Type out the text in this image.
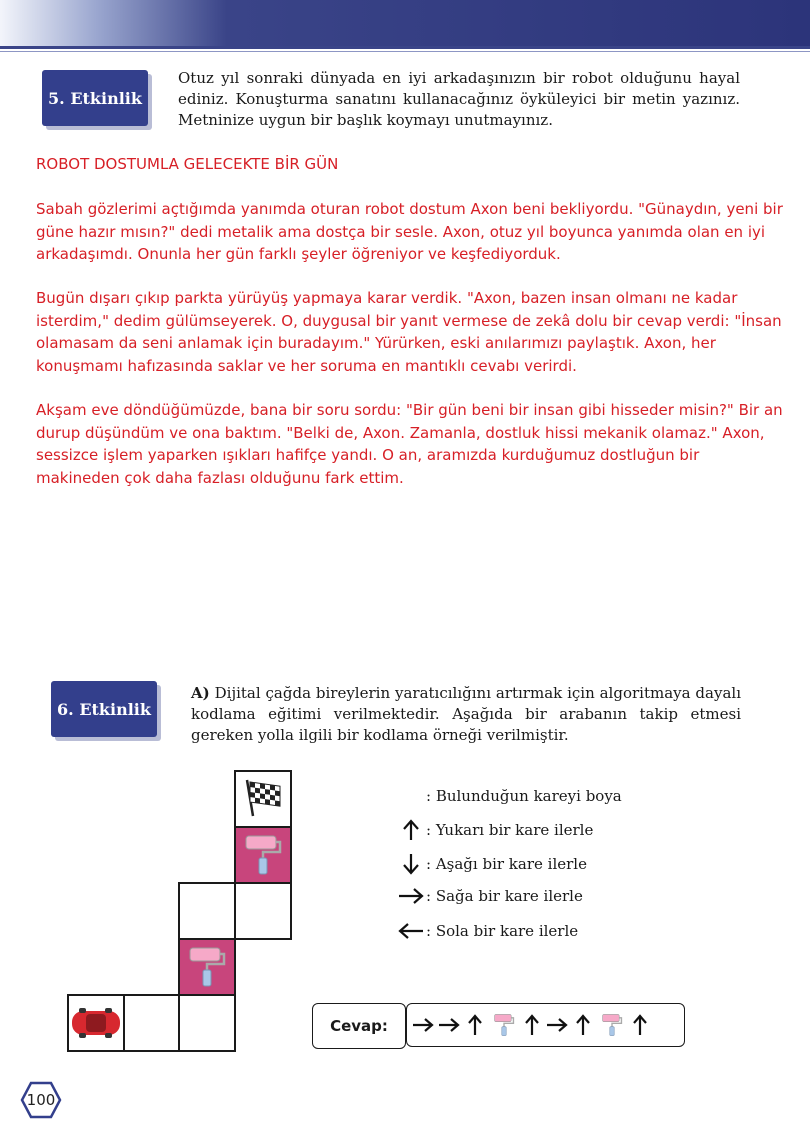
5. Etkinlik
Otuz yıl sonraki dünyada en iyi arkadaşınızın bir robot olduğunu hayal ediniz. Konuşturma sanatını kullanacağınız öyküleyici bir metin yazınız. Metninize uygun bir başlık koymayı unutmayınız.
ROBOT DOSTUMLA GELECEKTE BİR GÜN

Sabah gözlerimi açtığımda yanımda oturan robot dostum Axon beni bekliyordu. "Günaydın, yeni bir güne hazır mısın?" dedi metalik ama dostça bir sesle. Axon, otuz yıl boyunca yanımda olan en iyi arkadaşımdı. Onunla her gün farklı şeyler öğreniyor ve keşfediyorduk.

Bugün dışarı çıkıp parkta yürüyüş yapmaya karar verdik. "Axon, bazen insan olmanı ne kadar isterdim," dedim gülümseyerek. O, duygusal bir yanıt vermese de zekâ dolu bir cevap verdi: "İnsan olamasam da seni anlamak için buradayım." Yürürken, eski anılarımızı paylaştık. Axon, her konuşmamı hafızasında saklar ve her soruma en mantıklı cevabı verirdi.

Akşam eve döndüğümüzde, bana bir soru sordu: "Bir gün beni bir insan gibi hisseder misin?" Bir an durup düşündüm ve ona baktım. "Belki de, Axon. Zamanla, dostluk hissi mekanik olamaz." Axon, sessizce işlem yaparken ışıkları hafifçe yandı. O an, aramızda kurduğumuz dostluğun bir makineden çok daha fazlası olduğunu fark ettim.

6. Etkinlik
A) Dijital çağda bireylerin yaratıcılığını artırmak için algoritmaya dayalı kodlama eğitimi verilmektedir. Aşağıda bir arabanın takip etmesi gereken yolla ilgili bir kodlama örneği verilmiştir.
: Bulunduğun kareyi boya
: Yukarı bir kare ilerle
: Aşağı bir kare ilerle
: Sağa bir kare ilerle
: Sola bir kare ilerle
Cevap:
100
